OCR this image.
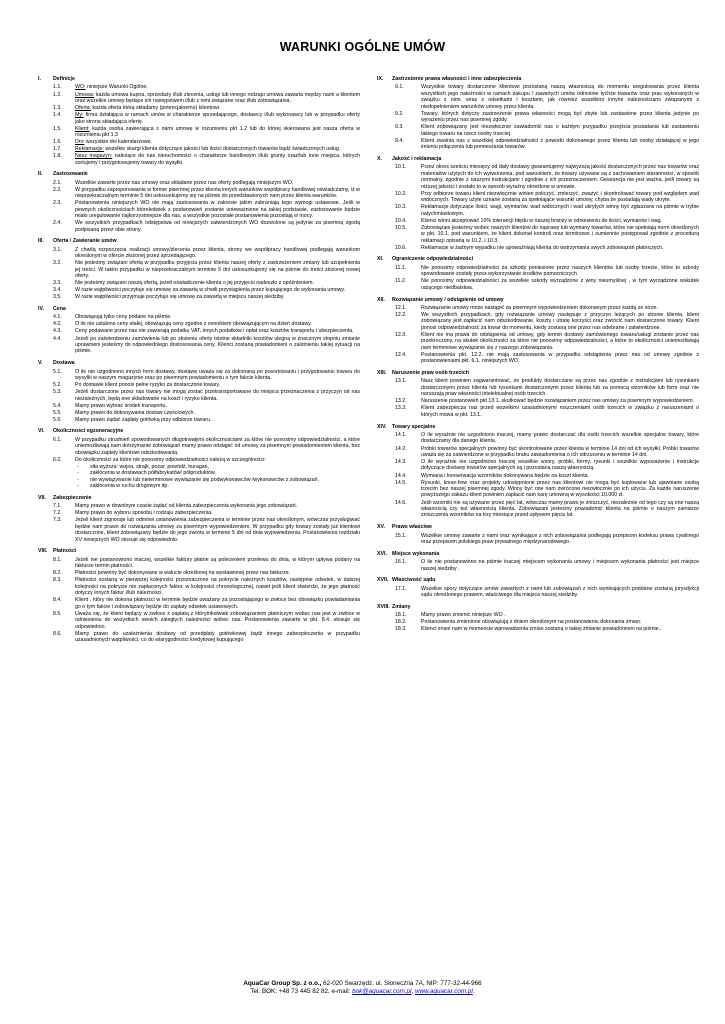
WARUNKI OGÓLNE UMÓW
I.	Definicje
1.1.	WO: niniejsze Warunki Ogólne.
1.2.	Umowa: każda umowa kupna, sprzedaży i/lub zlecenia, usługi lub innego rodzaju umowa zawarta między nami a klientem oraz wszelkie umowy będące ich następstwem i/lub z nimi związane oraz i/lub zobowiązania.
1.3.	Oferta: każda oferta którą składamy (potencjalnemu) klientowi.
1.4.	My: firma działająca w ramach umów w charakterze sprzedającego, dostawcy i/lub wykonawcy lub w przypadku oferty jako strona składająca ofertę.
1.5.	Klient: każda osoba zawierająca z nami umowę w rozumieniu pkt 1.2 lub do której skierowana jest nasza oferta w rozumieniu pkt 1.3
1.6.	Dni: wszystkie dni kalendarzowe.
1.7.	Reklamacje: wszelkie skargi klienta dotyczące jakości lub ilości dostarczonych towarów bądź świadczonych usług.
1.8.	Nasz magazyn: należące do nas nieruchomości o charakterze handlowym i/lub grunty oraz/lub inne miejsca, których sortujemy i przygotowujemy towary do wysyłki.
II.	Zastosowanie
2.1.	Wszelkie zawarte przez nas umowy oraz składane przez nas oferty podlegają niniejszym WO.
2.2.	W przypadku zaproponowania w formie pisemnej przez klienta innych warunków współpracy handlowej oświadczamy, iż w nieprzekraczalnym terminie 5 dni ustosunkujemy się na piśmie do przedstawionych nam przez klienta warunków.
2.3.	Postanowienia niniejszych WO nie mają zastosowania w zakresie jakim zabraniają tego wymogi ustawowe. Jeśli w pewnych okolicznościach którekolwiek z postanowień zostanie unieważnione na takiej podstawie, zastosowanie będzie miało uregulowanie najkorzystniejsze dla nas, a wszystkie pozostałe postanowienia pozostają w mocy.
2.4.	We wszystkich przypadkach odstępstwa od niniejszych zatwierdzonych WO dozwolone są jedynie za pisemną zgodą podpisaną przez obie strony.
III.	Oferta / Zawieranie umów
3.1.	Z chwilą rozpoczęcia realizacji umowy/zlecenia przez klienta, strony we współpracy handlowej podlegają warunkom określonym w ofercie złożonej przez sprzedającego.
3.2.	Nie jesteśmy związani ofertą w przypadku przyjęcia przez klienta naszej oferty z zastrzeżeniem zmiany lub uzupełnienia jej treści. W takim przypadku w nieprzekraczalnym terminie 5 dni ustosunkujemy się na piśmie do treści złożonej nowej oferty.
3.3.	Nie jesteśmy związani naszą ofertą, jeżeli oświadczenie klienta o jej przyjęciu nadeszło z opóźnieniem.
3.4.	W razie wątpliwości poczytuje się umowę za zawartą w chwili przystąpienia przez kupującego do wykonania umowy.
3.5.	W razie wątpliwości przyjmuje poczytuje się umowę za zawartą w miejscu naszej siedziby.
IV.	Cena
4.1.	Obowiązują tylko ceny podane na piśmie.
4.2.	O ile nie ustalono ceny stałej, obowiązują ceny zgodne z cennikiem obowiązującym na dzień dostawy.
4.3.	Ceny podawane przez nas nie zawierają podatku VAT, innych podatków i opłat oraz kosztów transportu i ubezpieczenia.
4.4.	Jeżeli po zatwierdzeniu zamówienia lub po złożeniu oferty istotne składniki kosztów ulegną w znacznym stopniu zmianie uprawnieni jesteśmy do odpowiedniego dostosowania ceny. Klienci zostaną powiadomieni o zaistnieniu takiej sytuacji na piśmie.
V.	Dostawa
5.1.	O ile nie uzgodniono innych form dostawy, dostawę uważa się za dokonaną po posortowaniu i przygotowaniu towaru do wysyłki w naszym magazynie oraz po pisemnym powiadomieniu o tym fakcie klienta.
5.2.	Po dostawie klient ponosi pełne ryzyko za dostarczone towary.
5.3.	Jeżeli dostarczone przez nas towary nie mogą zostać przetransportowane do miejsca przeznaczenia z przyczyn od nas niezależnych, będą one składowane na koszt i ryzyko klienta.
5.4.	Mamy prawo wybrać środek transportu.
5.5.	Mamy prawo do dokonywania dostaw częściowych.
5.6.	Mamy prawo żądać zapłaty gotówką przy odbiorze towaru.
VI.	Okoliczności egzoneracyjne
6.1.	W przypadku utrudnień spowodowanych długotrwałymi okolicznościami za które nie ponosimy odpowiedzialności, a które uniemożliwiają nam dotrzymanie zobowiązań mamy prawo odstąpić od umowy za pisemnym powiadomieniem klienta, bez obowiązku zapłaty klientowi odszkodowania.
6.2.	Do okoliczności za które nie ponosimy odpowiedzialności należą w szczególności:
-	siła wyższa: wojna, strajk, pożar, powódź, huragan,
-	zakłócenia w dostawach półfabrykatów/ półproduktów,
-	nie wywiązywanie lub nieterminowe wywiązanie się podwykonawców /wykonawców z zobowiązań,
-	zakłócenia w ruchu drogowym itp.
VII.	Zabezpieczenie
7.1.	Mamy prawo w dowolnym czasie żądać od klienta zabezpieczenia wykonania jego zobowiązań.
7.2.	Mamy prawo do wyboru sposobu i rodzaju zabezpieczenia.
7.3.	Jeżeli klient zignoruje lub odmówi ustanowienia zabezpieczenia w terminie przez nas określonym, wówczas przysługiwać będzie nam prawo do rozwiązania umowy za pisemnym wypowiedzeniem. W przypadku gdy towary zostały już klientowi dostarczone, klient zobowiązany będzie do jego zwrotu w terminie 5 dni od dnia wypowiedzenia. Postanowienia rozdziału XV niniejszych WO stosuje się odpowiednio.
VIII.	Płatności
8.1.	Jeżeli nie postanowiono inaczej, wszelkie faktury płatne są poleceniem przelewu do dnia, w którym upływa podany na fakturze termin płatności.
8.2.	Płatności powinny być dokonywane w walucie określonej na wystawionej przez nas fakturze.
8.3.	Płatności zostaną w pierwszej kolejności przeznaczone na pokrycie należnych kosztów, następnie odsetek, w dalszej kolejności na pokrycie nie zapłaconych faktur, w kolejności chronologicznej, nawet jeśli klient stwierdzi, że jego płatność dotyczy innych faktur i/lub należności.
8.4.	Klient , który nie dokona płatności w terminie będzie uważany za pozostającego w zwłoce bez obowiązku powiadamiania go o tym fakcie i zobowiązany będzie do zapłaty odsetek ustawowych.
8.5.	Uważa się, że klient będący w zwłoce z zapłatą z którymkolwiek zobowiązaniem płatniczym wobec nas jest w zwłoce w odniesieniu do wszystkich swoich zaległych należności wobec nas. Postanowienia zawarte w pkt. 8.4. stosuje się odpowiednio.
8.6.	Mamy prawo do uzależnienia dostawy od przedpłaty gotówkowej bądź innego zabezpieczenia w przypadku uzasadnionych wątpliwości, co do wiarygodności kredytowej kupującego
IX.	Zastrzeżenie prawa własności i inne zabezpieczenia
9.1.	Wszystkie towary dostarczone klientowi pozostaną naszą własnością do momentu uregulowania przez klienta wszystkich jego należności w ramach zakupu / zawartych umów odnośnie tychże towarów oraz prac wykonanych w związku z nimi, wraz z odsetkami i kosztami, jak również wszelkimi innymi należnościami związanymi z niedopełnieniem warunków umowy przez klienta.
9.2.	Towary, których dotyczy zastrzeżenie prawa własności mogą być zbyte lub zastawione przez klienta jedynie po wyrażeniu przez nas pisemnej zgody.
9.3.	Klient zobowiązany jest niezwłocznie zawiadomić nas o każdym przypadku przejścia posiadania lub zastawieniu takiego towaru na rzecz osoby trzeciej.
9.4.	Klient zwalnia nas z wszelkiej odpowiedzialności z powodu dokonanego przez klienta lub osoby działającej w jego imieniu połączenia lub pomieszania towarów.
X.	Jakość i reklamacja
10.1.	Przez okres sześciu miesięcy od daty dostawy gwarantujemy najwyższą jakość dostarczonych przez nas towarów oraz materiałów użytych do ich wytworzenia, pod warunkiem, że towary używane są z zachowaniem staranności, w sposób normalny, zgodnie z naszymi instrukcjami i zgodnie z ich przeznaczeniem. Gwarancja nie jest ważna, jeśli towary są niższej jakości i zostało to w sposób wyraźny określone w umowie.
10.2.	Przy odbiorze towaru klient niezwłocznie winien policzyć, zmierzyć, zważyć i skontrolować towary pod względem wad widocznych. Towary użyte uznane zostaną za spełniające warunki umowy, chyba że posiadają wady ukryte.
10.3.	Reklamacje dotyczące ilości, wagi, wymiarów, wad widocznych i wad ukrytych winny być zgłaszane na piśmie w trybie natychmiastowym.
10.4.	Klienci winni akceptować 10% tolerancji błędu w naszej branży w odniesieniu do ilości, wymiarów i wag.
10.5.	Zobowiązani jesteśmy wobec naszych klientów do naprawy lub wymiany towarów, które nie spełniają norm określonych w pkt. 10.1. pod warunkiem, że klient dokonał kontroli oraz terminowo i sumiennie postępował zgodnie z procedurą reklamacji opisaną w 10.2. i 10.3.
10.6.	Reklamacje w żadnym wypadku nie upoważniają klienta do wstrzymania swych zobowiązań płatniczych.
XI.	Ograniczenie odpowiedzialności
11.1.	Nie ponosimy odpowiedzialności za szkody poniesione przez naszych klientów lub osoby trzecie, które to szkody spowodowane zostały przez wykorzystanie środków pomocniczych.
11.2.	Nie ponosimy odpowiedzialności za wszelkie szkody wyrządzone z winy nieumyślnej , w tym wyrządzone wskutek rażącego niedbalstwa.
XII.	Rozwiązanie umowy / odstąpienie od umowy
12.1.	Rozwiązanie umowy może nastąpić za pisemnym wypowiedzeniem dokonanym przez każdą ze stron.
12.2.	We wszystkich przypadkach, gdy rozwiązanie umowy następuje z przyczyn leżących po stronie klienta, klient zobowiązany jest zapłacić nam odszkodowanie, koszty i utratę korzyści oraz zwrócić nam dostarczone towary. Klient ponosi odpowiedzialność za towar do momentu, kiedy zostaną one przez nas odebrane i zatwierdzone.
12.3.	Klient nie ma prawa do odstąpienia od umowy, gdy termin dostawy zamówionego towaru/usługi zostanie przez nas przekroczony, na skutek okoliczności za które nie ponosimy odpowiedzialności, a które to okoliczności uniemożliwiają nam terminowe wywiązanie się z naszego zobowiązania.
12.4.	Postanowienia pkt. 12.2. nie mają zastosowania w przypadku odstąpienia przez nas od umowy zgodnie z postanowieniami pkt. 6.1. niniejszych WO.
XIII.	Naruszenie praw osób trzecich
13.1.	Nasz klient powinien zagwarantować, że produkty dostarczane są przez nas zgodnie z instrukcjami lub rysunkami dostarczonymi przez klienta lub rysunkami dostarczonymi przez klienta lub za pomocą wzorników lub form oraz nie naruszają praw własności intelektualnej osób trzecich.
13.2.	Naruszenie postanowień pkt 13.1. skutkować będzie rozwiązaniem przez nas umowy za pisemnym wypowiedzeniem.
13.3.	Klient zabezpiecza nas przed wszelkimi uzasadnionymi roszczeniami osób trzecich w związku z naruszeniami o których mowa w pkt. 13.1.
XIV.	Towary specjalne
14.1.	O ile wyraźnie nie uzgodniono inaczej, mamy prawo dostarczać dla osób trzecich wszelkie specjalne towary, które dostarczamy dla danego klienta.
14.2.	Próbki towarów specjalnych powinny być skontrolowane przez klienta w terminie 14 dni od ich wysyłki. Próbki towarów uważa się za zatwierdzone w przypadku braku zawiadomienia o ich odrzuceniu w terminie 14 dni.
14.3.	O ile wyraźnie nie uzgodniono inaczej wszelkie wzory, próbki, formy, rysunki i wszelkie wyposażenie i instrukcje dotyczące dostawy towarów specjalnych są i pozostaną naszą własnością.
14.4.	Wymiana i konserwacja wzorników dokonywana będzie na koszt klienta.
14.5.	Rysunki, know-how oraz projekty udostępnione przez nas klientowi nie mogą być kopiowane lub ujawniane osobą trzecim bez naszej pisemnej zgody. Winny być one nam zwrócone niezwłocznie po ich użyciu. Za każde naruszenie powyższego zakazu klient powinien zapłacić nam karę umowną w wysokości 10.000 zł.
14.6.	Jeśli wzorniki nie są używane przez pięć lat, wówczas mamy prawo je zniszczyć, niezależnie od tego czy są one naszą własnością czy też własnością klienta. Zobowiązani jesteśmy powiadomić klienta na piśmie o naszym zamiarze zniszczenia wzorników na trzy miesiące przed upływem pięciu lat.
XV.	Prawo właściwe
15.1.	Wszelkie umowy zawarte z nami oraz wynikające z nich zobowiązania podlegają przepisom kodeksu prawa cywilnego oraz przepisom polskiego praw prywatnego międzynarodowego.
XVI. Miejsce wykonania
16.1.	O ile nie postanowiono na piśmie inaczej miejscem wykonania umowy i miejscem wykonania płatności jest miejsce naszej siedziby .
XVII. Właściwość sądu
17.1.	Wszelkie spory dotyczące umów zawartych z nami lub zobowiązań z nich wynikających poddane zostaną jurysdykcji sądu określonego prawem, właściwego dla miejsca naszej siedziby.
XVIII. Zmiany
18.1.	Mamy prawo zmienić niniejsze WO .
18.2.	Postanowienia zmienione obowiązują z dniem określonym na postanowieniu dokonania zmian.
18.3.	Klienci znani nam w momencie wprowadzenia zmian zostaną o takiej zmianie powiadomieni na piśmie..
AquaCar Group Sp. z o.o., 62-020 Swarzędz, ul. Słoneczna 7A, NIP: 777-32-44-966
Tel. BOK: +48 73 445 82 82, e-mail: bok@aquacar.com.pl, www.aquacar.com.pl.
